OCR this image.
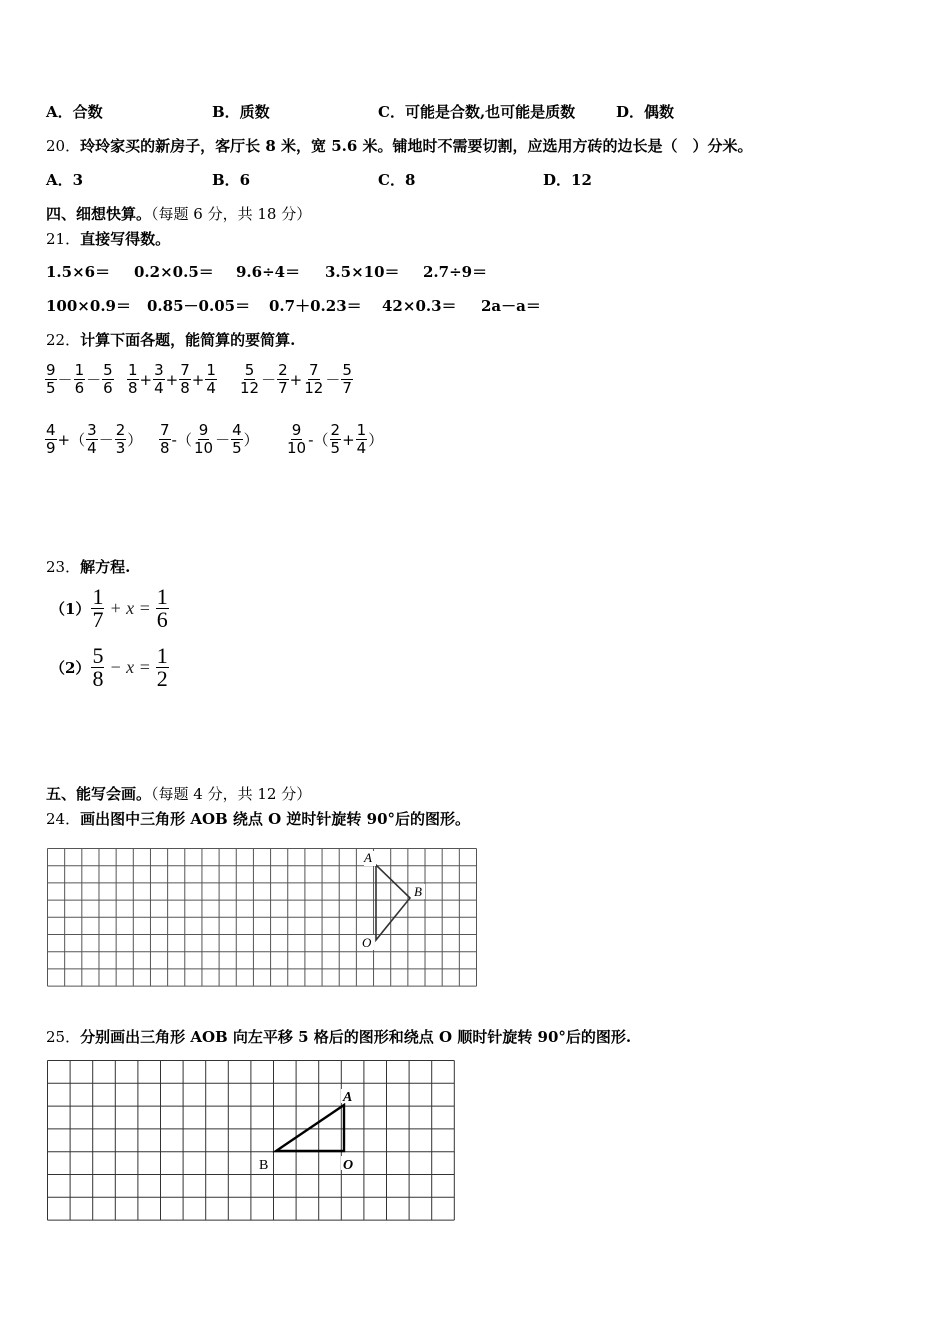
A．合数	B．质数	C．可能是合数,也可能是质数	D．偶数
20．玲玲家买的新房子，客厅长 8 米，宽 5.6 米。铺地时不需要切割，应选用方砖的边长是（　）分米。
A．3	B．6	C．8	D．12
四、细想快算。（每题 6 分，共 18 分）
21．直接写得数。
1.5×6＝ 0.2×0.5＝ 9.6÷4＝ 3.5×10＝ 2.7÷9＝
100×0.9＝ 0.85－0.05＝ 0.7＋0.23＝ 42×0.3＝ 2a－a＝
22．计算下面各题，能简算的要简算.
$\frac{9}{5} - \frac{1}{6} - \frac{5}{6} \frac{1}{8} + \frac{3}{4} + \frac{7}{8} + \frac{1}{4} \frac{5}{12} - \frac{2}{7} + \frac{7}{12} - \frac{5}{7}$
$\frac{4}{9}$ + （ $\frac{3}{4} - \frac{2}{3}$ ） $\frac{7}{8}$ - （ $\frac{9}{10} - \frac{4}{5}$ ） $\frac{9}{10}$ - （ $\frac{2}{5} + \frac{1}{4}$ ）
23．解方程.
$(1) \frac{1}{7} + x = \frac{1}{6}$
$(2) \frac{5}{8} - x = \frac{1}{2}$
五、能写会画。（每题 4 分，共 12 分）
24．画出图中三角形 AOB 绕点 O 逆时针旋转 90°后的图形。
A
B
O
25．分别画出三角形 AOB 向左平移 5 格后的图形和绕点 O 顺时针旋转 90°后的图形.
A
B	O
